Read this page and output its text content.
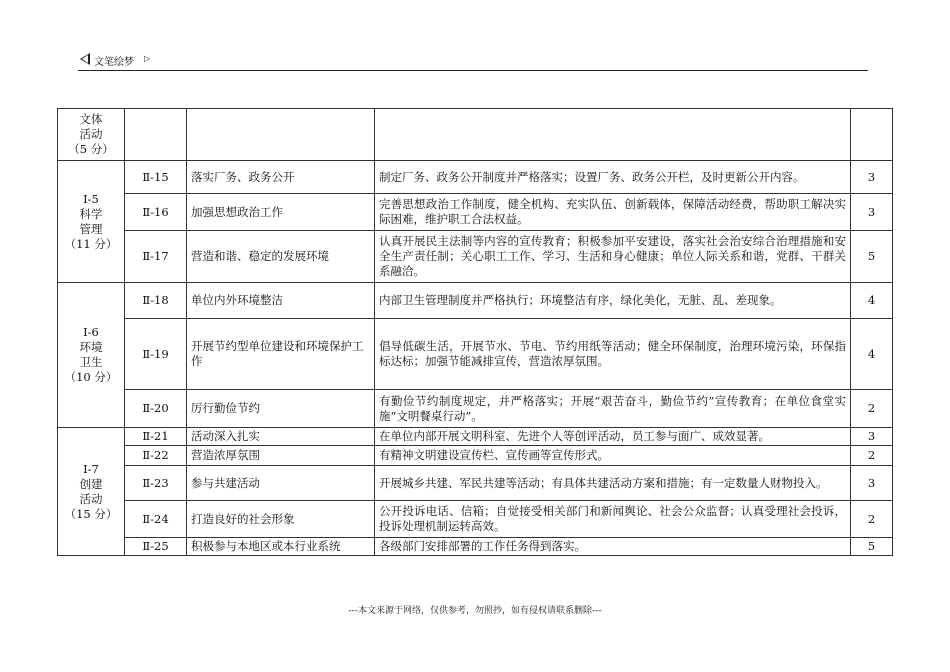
文笔绘梦 ▷
文体
活动
（5 分）				
Ⅰ-5
科学
管理
（11 分）	Ⅱ-15	落实厂务、政务公开	制定厂务、政务公开制度并严格落实；设置厂务、政务公开栏，及时更新公开内容。	3
	Ⅱ-16	加强思想政治工作	完善思想政治工作制度，健全机构、充实队伍、创新载体，保障活动经费，帮助职工解决实际困难，维护职工合法权益。	3
	Ⅱ-17	营造和谐、稳定的发展环境	认真开展民主法制等内容的宣传教育；积极参加平安建设，落实社会治安综合治理措施和安全生产责任制；关心职工工作、学习、生活和身心健康；单位人际关系和谐，党群、干群关系融洽。	5
Ⅰ-6
环境
卫生
（10 分）	Ⅱ-18	单位内外环境整洁	内部卫生管理制度并严格执行；环境整洁有序，绿化美化，无脏、乱、差现象。	4
	Ⅱ-19	开展节约型单位建设和环境保护工作	倡导低碳生活，开展节水、节电、节约用纸等活动；健全环保制度，治理环境污染，环保指标达标；加强节能减排宣传，营造浓厚氛围。	4
	Ⅱ-20	厉行勤俭节约	有勤俭节约制度规定，并严格落实；开展“艰苦奋斗，勤俭节约”宣传教育；在单位食堂实施“文明餐桌行动”。	2
Ⅰ-7
创建
活动
（15 分）	Ⅱ-21	活动深入扎实	在单位内部开展文明科室、先进个人等创评活动，员工参与面广、成效显著。	3
	Ⅱ-22	营造浓厚氛围	有精神文明建设宣传栏、宣传画等宣传形式。	2
	Ⅱ-23	参与共建活动	开展城乡共建、军民共建等活动；有具体共建活动方案和措施；有一定数量人财物投入。	3
	Ⅱ-24	打造良好的社会形象	公开投诉电话、信箱；自觉接受相关部门和新闻舆论、社会公众监督；认真受理社会投诉，投诉处理机制运转高效。	2
	Ⅱ-25	积极参与本地区或本行业系统	各级部门安排部署的工作任务得到落实。	5
---本文来源于网络，仅供参考，勿照抄，如有侵权请联系删除---
